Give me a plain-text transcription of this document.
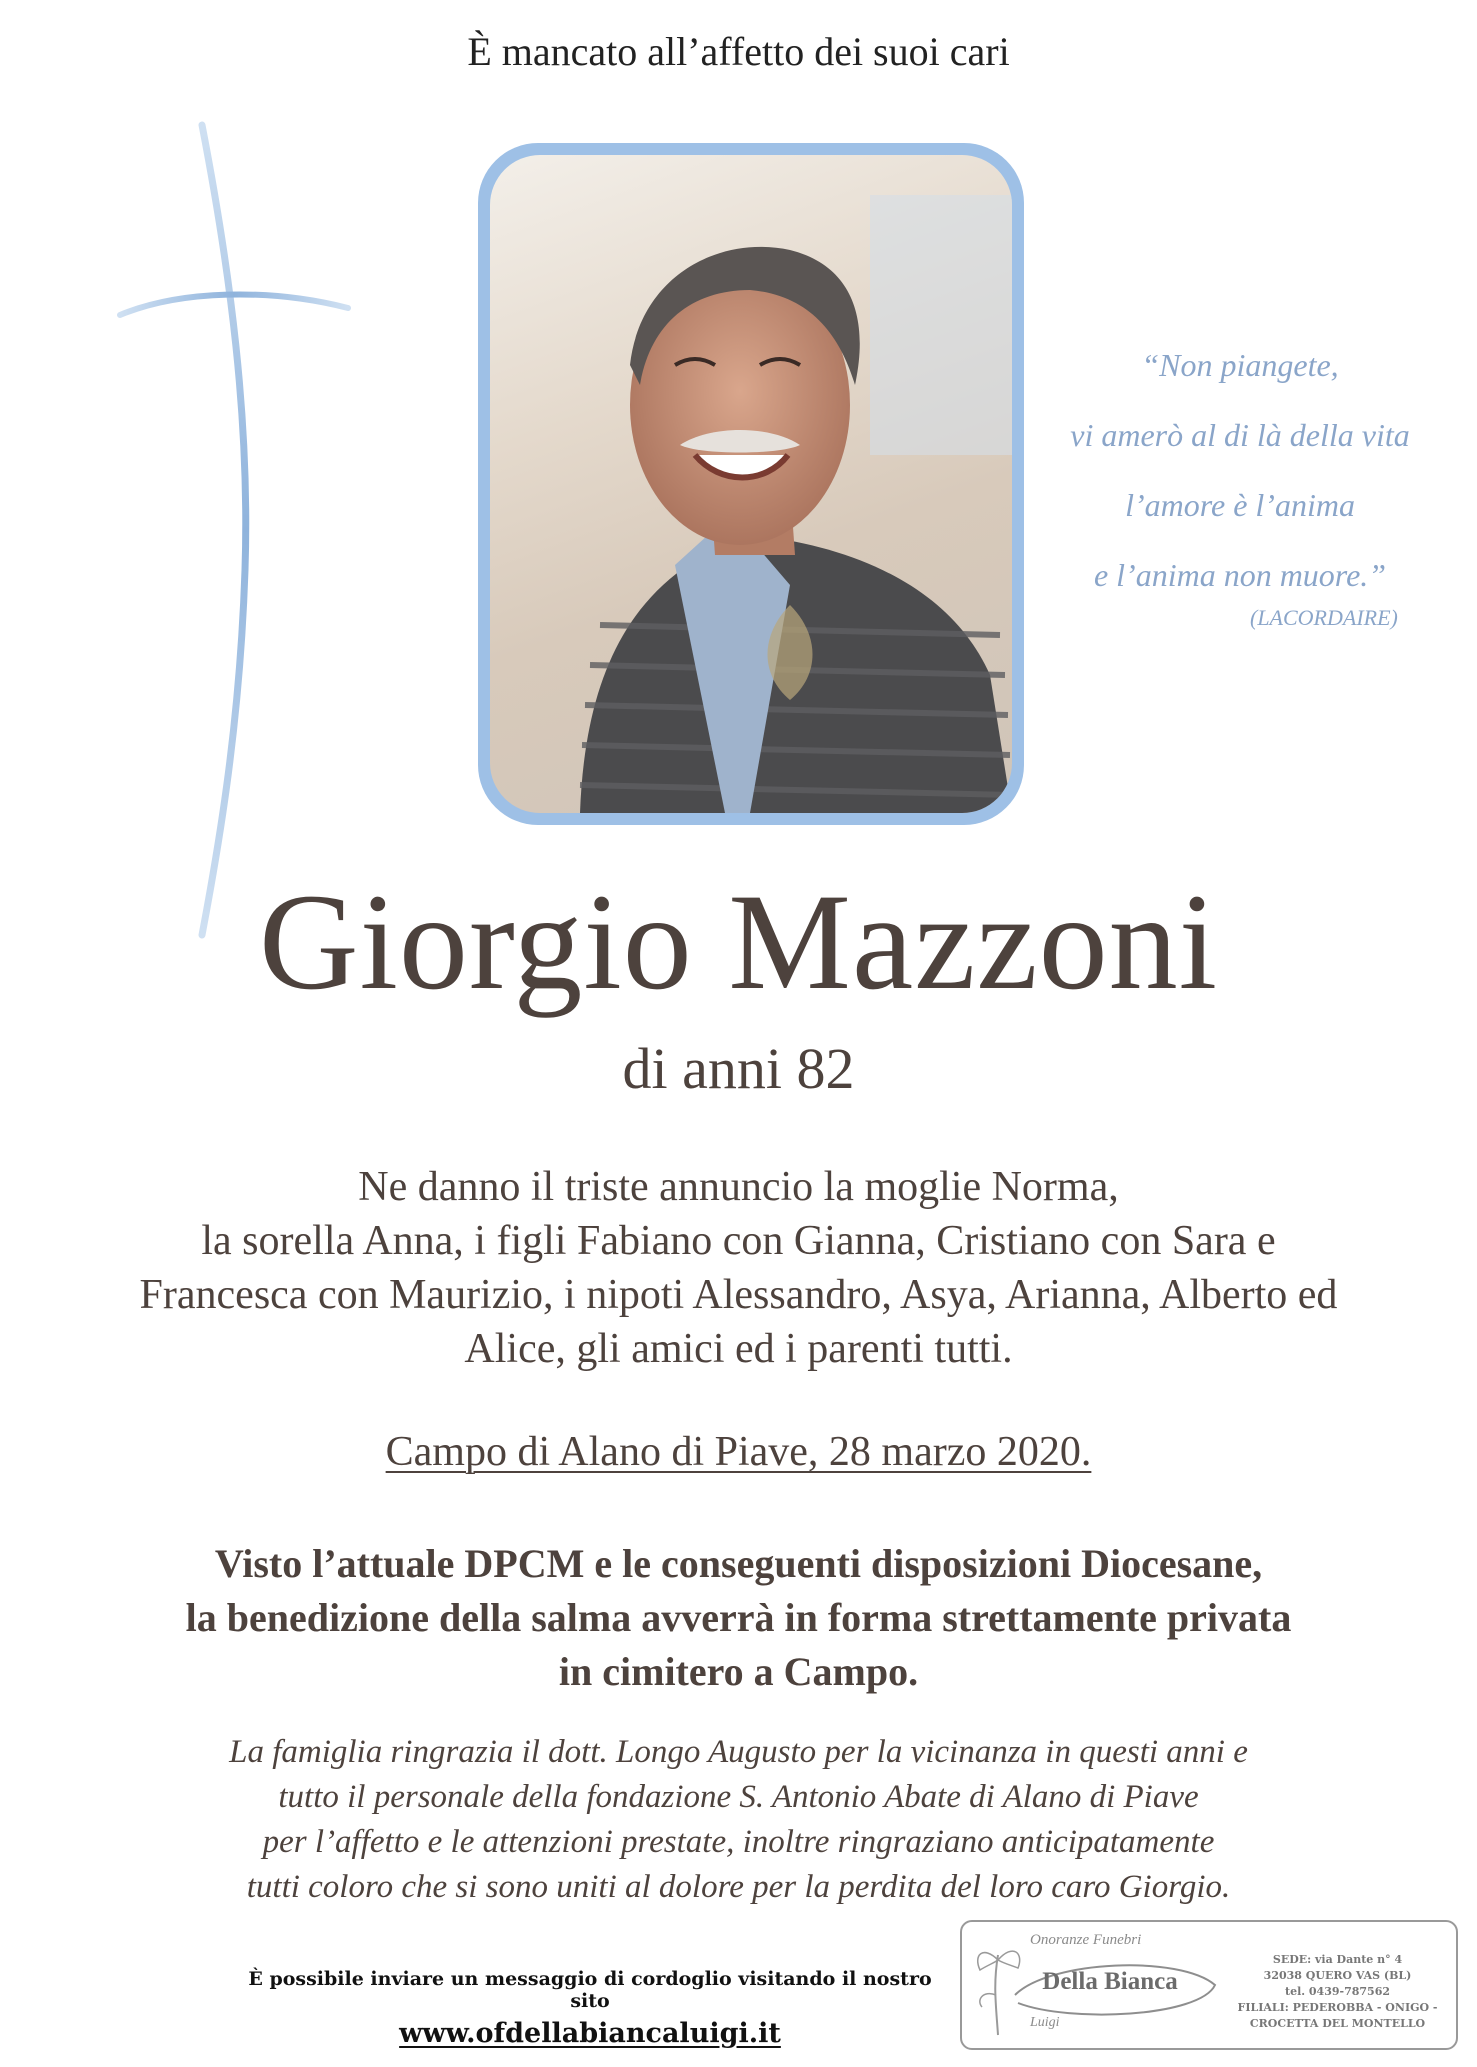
È mancato all’affetto dei suoi cari
“Non piangete,
vi amerò al di là della vita
l’amore è l’anima
e l’anima non muore.”
(LACORDAIRE)
Giorgio Mazzoni
di anni 82
Ne danno il triste annuncio la moglie Norma,
la sorella Anna, i figli Fabiano con Gianna, Cristiano con Sara e
Francesca con Maurizio, i nipoti Alessandro, Asya, Arianna, Alberto ed
Alice, gli amici ed i parenti tutti.
Campo di Alano di Piave, 28 marzo 2020.
Visto l’attuale DPCM e le conseguenti disposizioni Diocesane,
la benedizione della salma avverrà in forma strettamente privata
in cimitero a Campo.
La famiglia ringrazia il dott. Longo Augusto per la vicinanza in questi anni e
tutto il personale della fondazione S. Antonio Abate di Alano di Piave
per l’affetto e le attenzioni prestate, inoltre ringraziano anticipatamente
tutti coloro che si sono uniti al dolore per la perdita del loro caro Giorgio.
È possibile inviare un messaggio di cordoglio visitando il nostro sito
www.ofdellabiancaluigi.it
Onoranze Funebri
Della Bianca
Luigi
SEDE: via Dante n° 4
32038 QUERO VAS (BL)
tel. 0439-787562
FILIALI: PEDEROBBA - ONIGO -
CROCETTA DEL MONTELLO
